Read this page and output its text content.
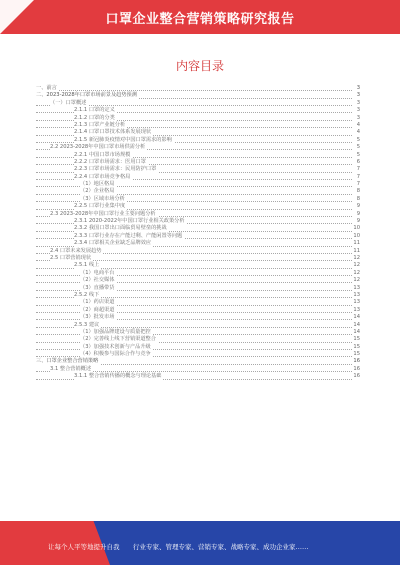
口罩企业整合营销策略研究报告
内容目录
一、前言	3
二、2023-2028年口罩市场前景及趋势预测	3
（一）口罩概述	3
2.1.1 口罩的定义	3
2.1.2 口罩的分类	3
2.1.3 口罩产业链分析	4
2.1.4 口罩口罩技术体系发展现状	4
2.1.5 新冠肺炎疫情对中国口罩需求的影响	5
2.2 2023-2028年中国口罩市场供需分析	5
2.2.1 中国口罩市场规模	5
2.2.2 口罩市场需求：医用口罩	6
2.2.3 口罩市场需求：民用防护口罩	7
2.2.4 口罩市场竞争格局	7
（1）地区格局	7
（2）企业格局	8
（3）区域市场分析	8
2.2.5 口罩行业集中度	9
2.3 2023-2028年中国口罩行业主要问题分析	9
2.3.1 2020-2022年中国口罩行业相关政策分析	9
2.3.2 我国口罩出口面临贸易壁垒的挑战	10
2.3.3 口罩行业存在产能过剩、产能闲置等问题	10
2.3.4 口罩相关企业缺乏品牌效应	11
2.4 口罩未来发展趋势	11
2.5 口罩营销现状	12
2.5.1 线上	12
（1）电商平台	12
（2）社交媒体	12
（3）直播带货	13
2.5.2 线下	13
（1）药店渠道	13
（2）商超渠道	13
（3）批发市场	14
2.5.3 建议	14
（1）加强品牌建设与质量把控	14
（2）完善线上线下营销渠道整合	15
（3）加强技术创新与产品升级	15
（4）积极参与国际合作与竞争	15
三、口罩企业整合营销策略	16
3.1 整合营销概述	16
3.1.1 整合营销传播的概念与理论基础	16
让每个人平等地提升自我 行业专家、管理专家、营销专家、战略专家、成功企业家……
